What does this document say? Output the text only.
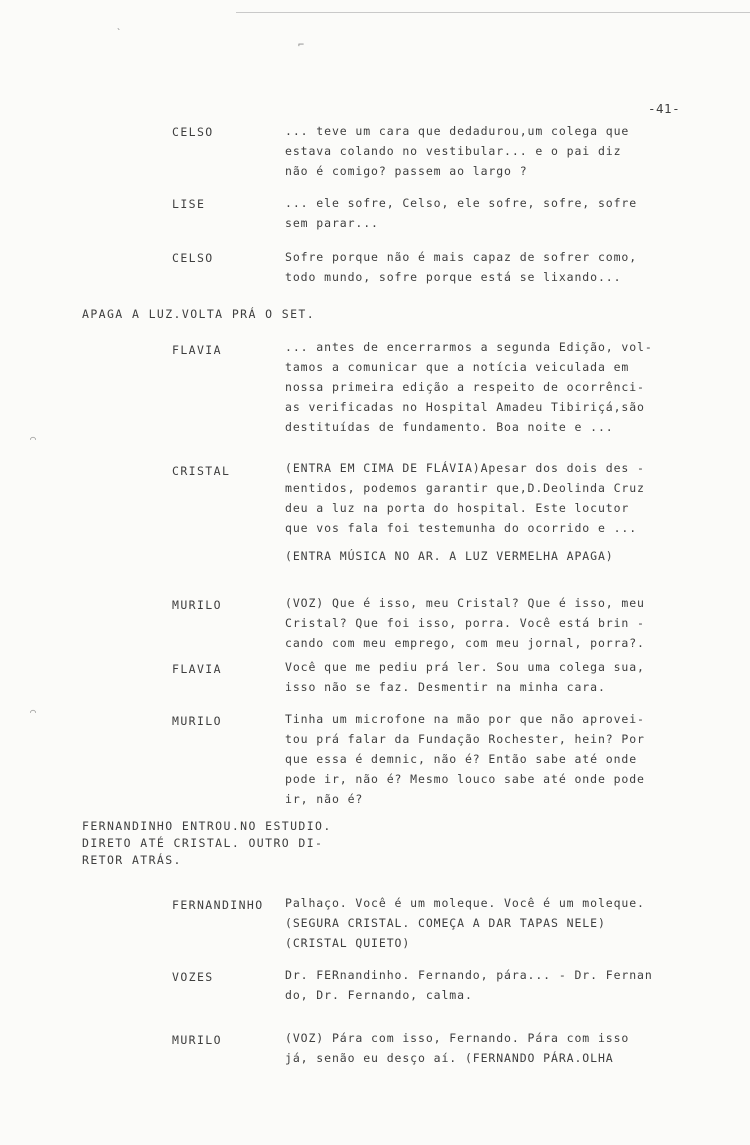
`
⌐
⌒
⌒
-41-
CELSO	... teve um cara que dedadurou,um colega que
estava colando no vestibular... e o pai diz
não é comigo? passem ao largo ?
LISE	... ele sofre, Celso, ele sofre, sofre, sofre
sem parar...
CELSO	Sofre porque não é mais capaz de sofrer como,
todo mundo, sofre porque está se lixando...
APAGA A LUZ.VOLTA PRÁ O SET.
FLAVIA	... antes de encerrarmos a segunda Edição, vol-
tamos a comunicar que a notícia veiculada em
nossa primeira edição a respeito de ocorrênci-
as verificadas no Hospital Amadeu Tibiriçá,são
destituídas de fundamento. Boa noite e ...
CRISTAL	(ENTRA EM CIMA DE FLÁVIA)Apesar dos dois des -
mentidos, podemos garantir que,D.Deolinda Cruz
deu a luz na porta do hospital. Este locutor
que vos fala foi testemunha do ocorrido e ...
(ENTRA MÚSICA NO AR. A LUZ VERMELHA APAGA)
MURILO	(VOZ) Que é isso, meu Cristal? Que é isso, meu
Cristal? Que foi isso, porra. Você está brin -
cando com meu emprego, com meu jornal, porra?.
FLAVIA	Você que me pediu prá ler. Sou uma colega sua,
isso não se faz. Desmentir na minha cara.
MURILO	Tinha um microfone na mão por que não aprovei-
tou prá falar da Fundação Rochester, hein? Por
que essa é demnic, não é? Então sabe até onde
pode ir, não é? Mesmo louco sabe até onde pode
ir, não é?
FERNANDINHO ENTROU.NO ESTUDIO.
DIRETO ATÉ CRISTAL. OUTRO DI-
RETOR ATRÁS.
FERNANDINHO Palhaço. Você é um moleque. Você é um moleque.
(SEGURA CRISTAL. COMEÇA A DAR TAPAS NELE)
(CRISTAL QUIETO)
VOZES	Dr. FERnandinho. Fernando, pára... - Dr. Fernan
do, Dr. Fernando, calma.
MURILO	(VOZ) Pára com isso, Fernando. Pára com isso
já, senão eu desço aí. (FERNANDO PÁRA.OLHA
